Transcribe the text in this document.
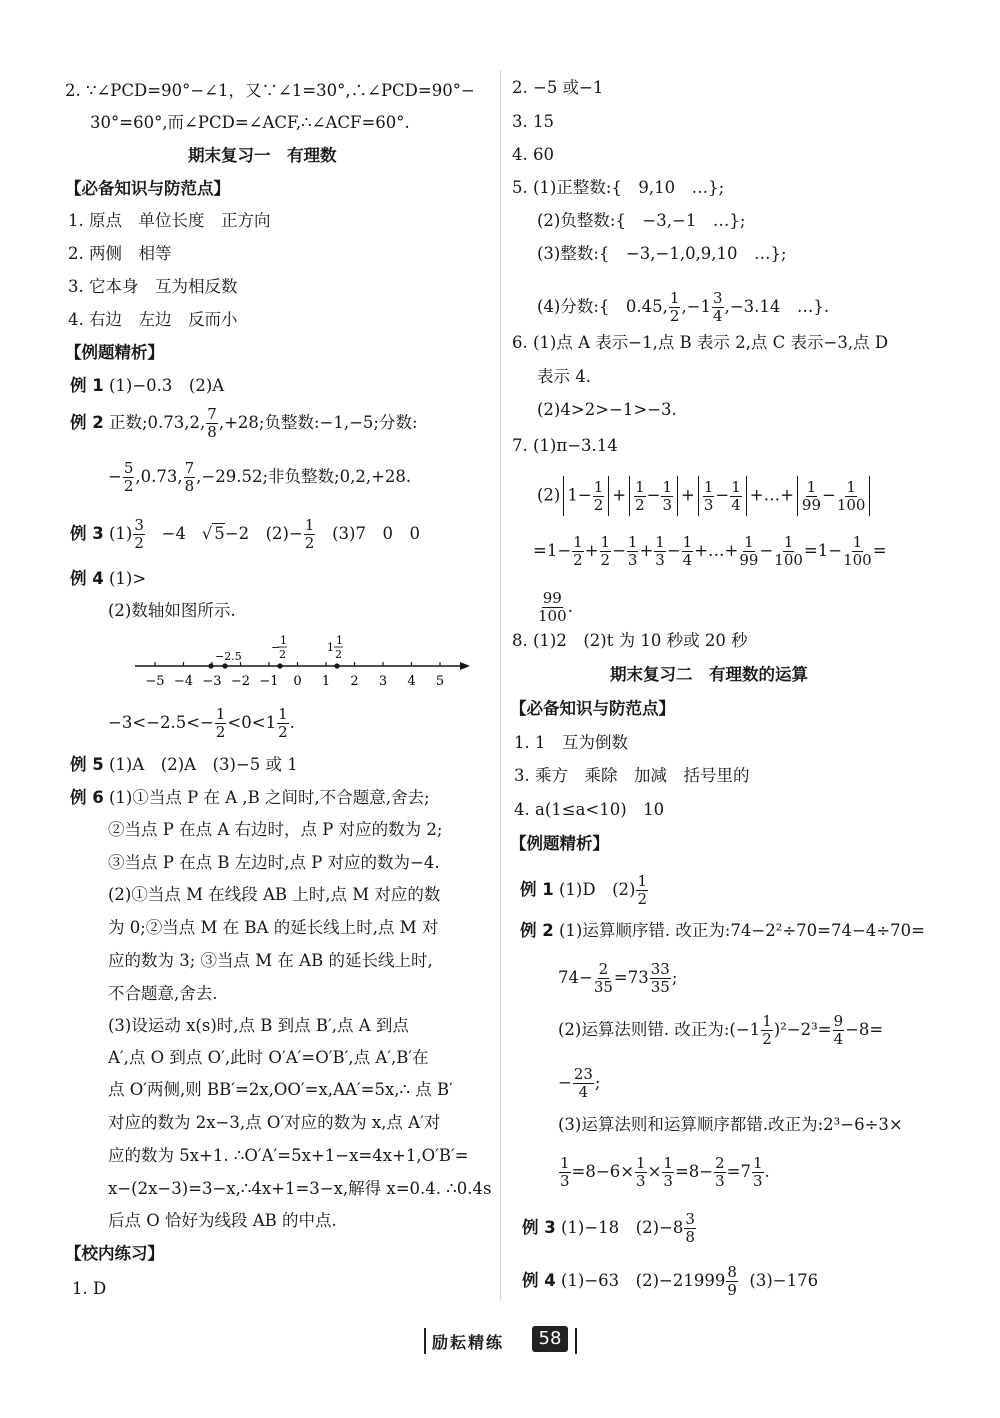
2. ∵∠PCD=90°−∠1，又∵∠1=30°,∴∠PCD=90°−
30°=60°,而∠PCD=∠ACF,∴∠ACF=60°.
期末复习一　有理数
【必备知识与防范点】
1. 原点　单位长度　正方向
2. 两侧　相等
3. 它本身　互为相反数
4. 右边　左边　反而小
【例题精析】
例 1 (1)−0.3　(2)A
例 2 正数;0.73,2, $\frac{7}{8} ,+28$;负整数:−1,−5;分数:
− $\frac{5}{2} ,0.73$, $\frac{7}{8} ,-29.52$;非负整数;0,2,+28.
例 3 $(1) \frac{3}{2} -4$ √ 5−2　$(2)- \frac{1}{2} (3)7$　0　0
例 4 (1)>
(2)数轴如图所示.
−5 −4 −3 −2 −1 0 1 2 3 4 5
−2.5
−
1
2
1
1
2
$-3<-2.5<- \frac{1}{2} <0<1 \frac{1}{2}$ .
例 5 (1)A　(2)A　(3)−5 或 1
例 6 (1)①当点 P 在 A ,B 之间时,不合题意,舍去;
②当点 P 在点 A 右边时，点 P 对应的数为 2;
③当点 P 在点 B 左边时,点 P 对应的数为−4.
(2)①当点 M 在线段 AB 上时,点 M 对应的数
为 0;②当点 M 在 BA 的延长线上时,点 M 对
应的数为 3; ③当点 M 在 AB 的延长线上时,
不合题意,舍去.
(3)设运动 x(s)时,点 B 到点 B′,点 A 到点
A′,点 O 到点 O′,此时 O′A′=O′B′,点 A′,B′在
点 O′两侧,则 BB′=2x,OO′=x,AA′=5x,∴ 点 B′
对应的数为 2x−3,点 O′对应的数为 x,点 A′对
应的数为 5x+1. ∴O′A′=5x+1−x=4x+1,O′B′=
x−(2x−3)=3−x,∴4x+1=3−x,解得 x=0.4. ∴0.4s
后点 O 恰好为线段 AB 的中点.
【校内练习】
1. D
2. −5 或−1
3. 15
4. 60
5. (1)正整数:{　9,10　…};
(2)负整数:{　−3,−1　…};
(3)整数:{　−3,−1,0,9,10　…};
(4)分数:{　0.45, $\frac{1}{2} ,-1 \frac{3}{4} ,-3.14$　…}.
6. (1)点 A 表示−1,点 B 表示 2,点 C 表示−3,点 D
表示 4.
(2)4>2>−1>−3.
7. (1)π−3.14
(2) $1- \frac{1}{2} + \frac{1}{2} - \frac{1}{3} + \frac{1}{3} - \frac{1}{4}$ +…+ $\frac{1}{99} - \frac{1}{100}$
$=1- \frac{1}{2} + \frac{1}{2} - \frac{1}{3} + \frac{1}{3} - \frac{1}{4}$ +…+ $\frac{1}{99} - \frac{1}{100} =1- \frac{1}{100}$ =
$\frac{99}{100}$ .
8. (1)2　(2)t 为 10 秒或 20 秒
期末复习二　有理数的运算
【必备知识与防范点】
1. 1　互为倒数
3. 乘方　乘除　加减　括号里的
4. a(1≤a<10)　10
【例题精析】
例 1 (1)D　$(2) \frac{1}{2}$
例 2 (1)运算顺序错. 改正为:74−2²÷70=74−4÷70=
$74- \frac{2}{35} =73 \frac{33}{35}$ ;
(2)运算法则错. 改正为:(−1 $\frac{1}{2} )^2-2^3= \frac{9}{4} -8=$
− $\frac{23}{4}$ ;
(3)运算法则和运算顺序都错.改正为:2³−6÷3×
$\frac{1}{3} =8-6\times \frac{1}{3} \times \frac{1}{3} =8- \frac{2}{3} =7 \frac{1}{3}$ .
例 3 (1)−18　$(2)-8 \frac{3}{8}$
例 4 (1)−63　$(2)-21999 \frac{8}{9} (3)-176$
励耘精练	58
